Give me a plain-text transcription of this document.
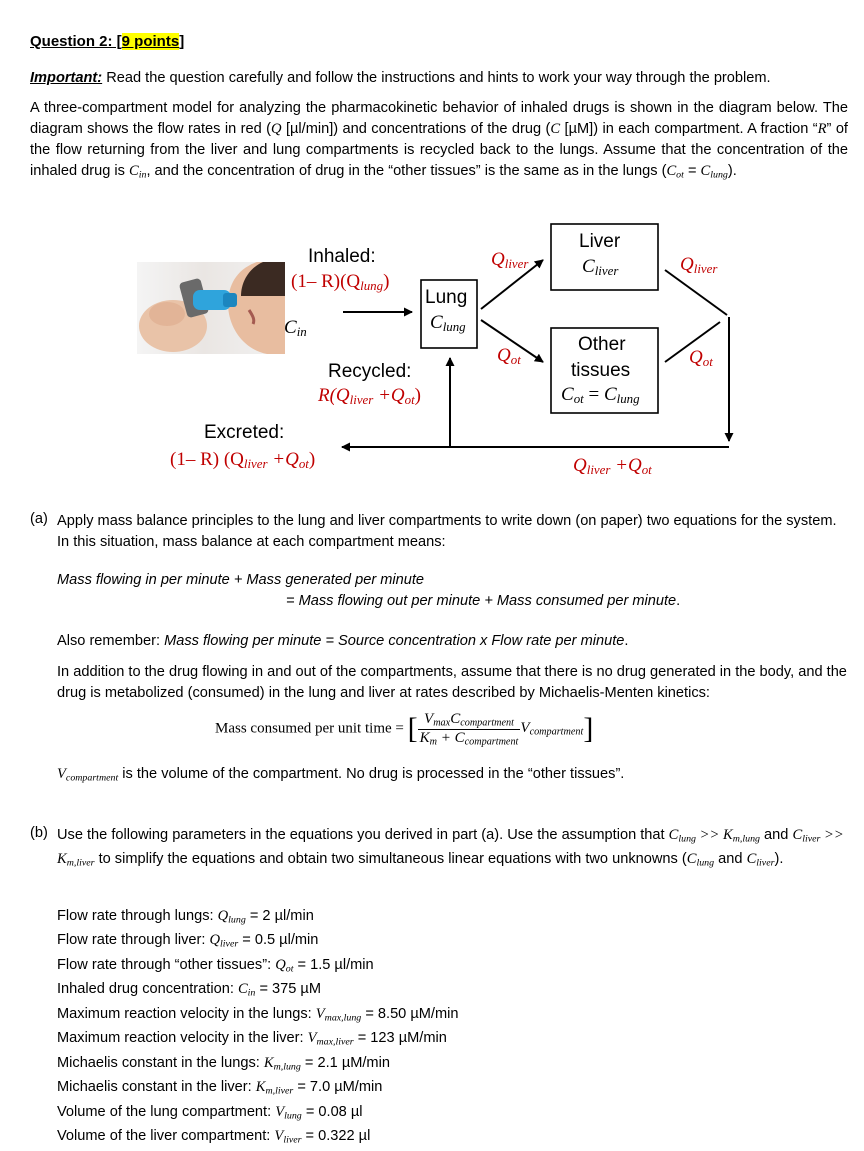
Question 2: [9 points]
Important: Read the question carefully and follow the instructions and hints to work your way through the problem.
A three-compartment model for analyzing the pharmacokinetic behavior of inhaled drugs is shown in the diagram below. The diagram shows the flow rates in red (Q [µl/min]) and concentrations of the drug (C [µM]) in each compartment. A fraction “R” of the flow returning from the liver and lung compartments is recycled back to the lungs. Assume that the concentration of the inhaled drug is $C_{in}$, and the concentration of drug in the “other tissues” is the same as in the lungs $(C_{ot} = C_{lung})$.
Inhaled:
(1– $R)(Q_{lung})$
$C_{in}$
Lung
$C_{lung}$
$Q_{liver}$
$Q_{ot}$
Liver
$C_{liver}$
Other
tissues
$C_{ot} = C_{lung}$
$Q_{liver}$
$Q_{ot}$
Recycled:
$R(Q_{liver} +Q_{ot})$
Excreted:
(1– R) $(Q_{liver} +Q_{ot})$	$Q_{liver} +Q_{ot}$
(a) Apply mass balance principles to the lung and liver compartments to write down (on paper) two equations for the system. In this situation, mass balance at each compartment means:
Mass flowing in per minute + Mass generated per minute
= Mass flowing out per minute + Mass consumed per minute.
Also remember: Mass flowing per minute = Source concentration x Flow rate per minute.
In addition to the drug flowing in and out of the compartments, assume that there is no drug generated in the body, and the drug is metabolized (consumed) in the lung and liver at rates described by Michaelis-Menten kinetics:
Mass consumed per unit time = [ $\frac{V_{max}C_{compartment}}{K_m + C_{compartment}} V_{compartment}$]
$V_{compartment}$ is the volume of the compartment. No drug is processed in the “other tissues”.
(b) Use the following parameters in the equations you derived in part (a). Use the assumption that $C_{lung} >> K_{m,lung}$ and $C_{liver} >> K_{m,liver}$ to simplify the equations and obtain two simultaneous linear equations with two unknowns ($C_{lung}$ and $C_{liver}$).
Flow rate through lungs: $Q_{lung} = 2$ µl/min
Flow rate through liver: $Q_{liver} = 0.5$ µl/min
Flow rate through “other tissues”: $Q_{ot} = 1.5$ µl/min
Inhaled drug concentration: $C_{in} = 375$ µM
Maximum reaction velocity in the lungs: $V_{max,lung} = 8.50$ µM/min
Maximum reaction velocity in the liver: $V_{max,liver} = 123$ µM/min
Michaelis constant in the lungs: $K_{m,lung} = 2.1$ µM/min
Michaelis constant in the liver: $K_{m,liver} = 7.0$ µM/min
Volume of the lung compartment: $V_{lung} = 0.08$ µl
Volume of the liver compartment: $V_{liver} = 0.322$ µl
